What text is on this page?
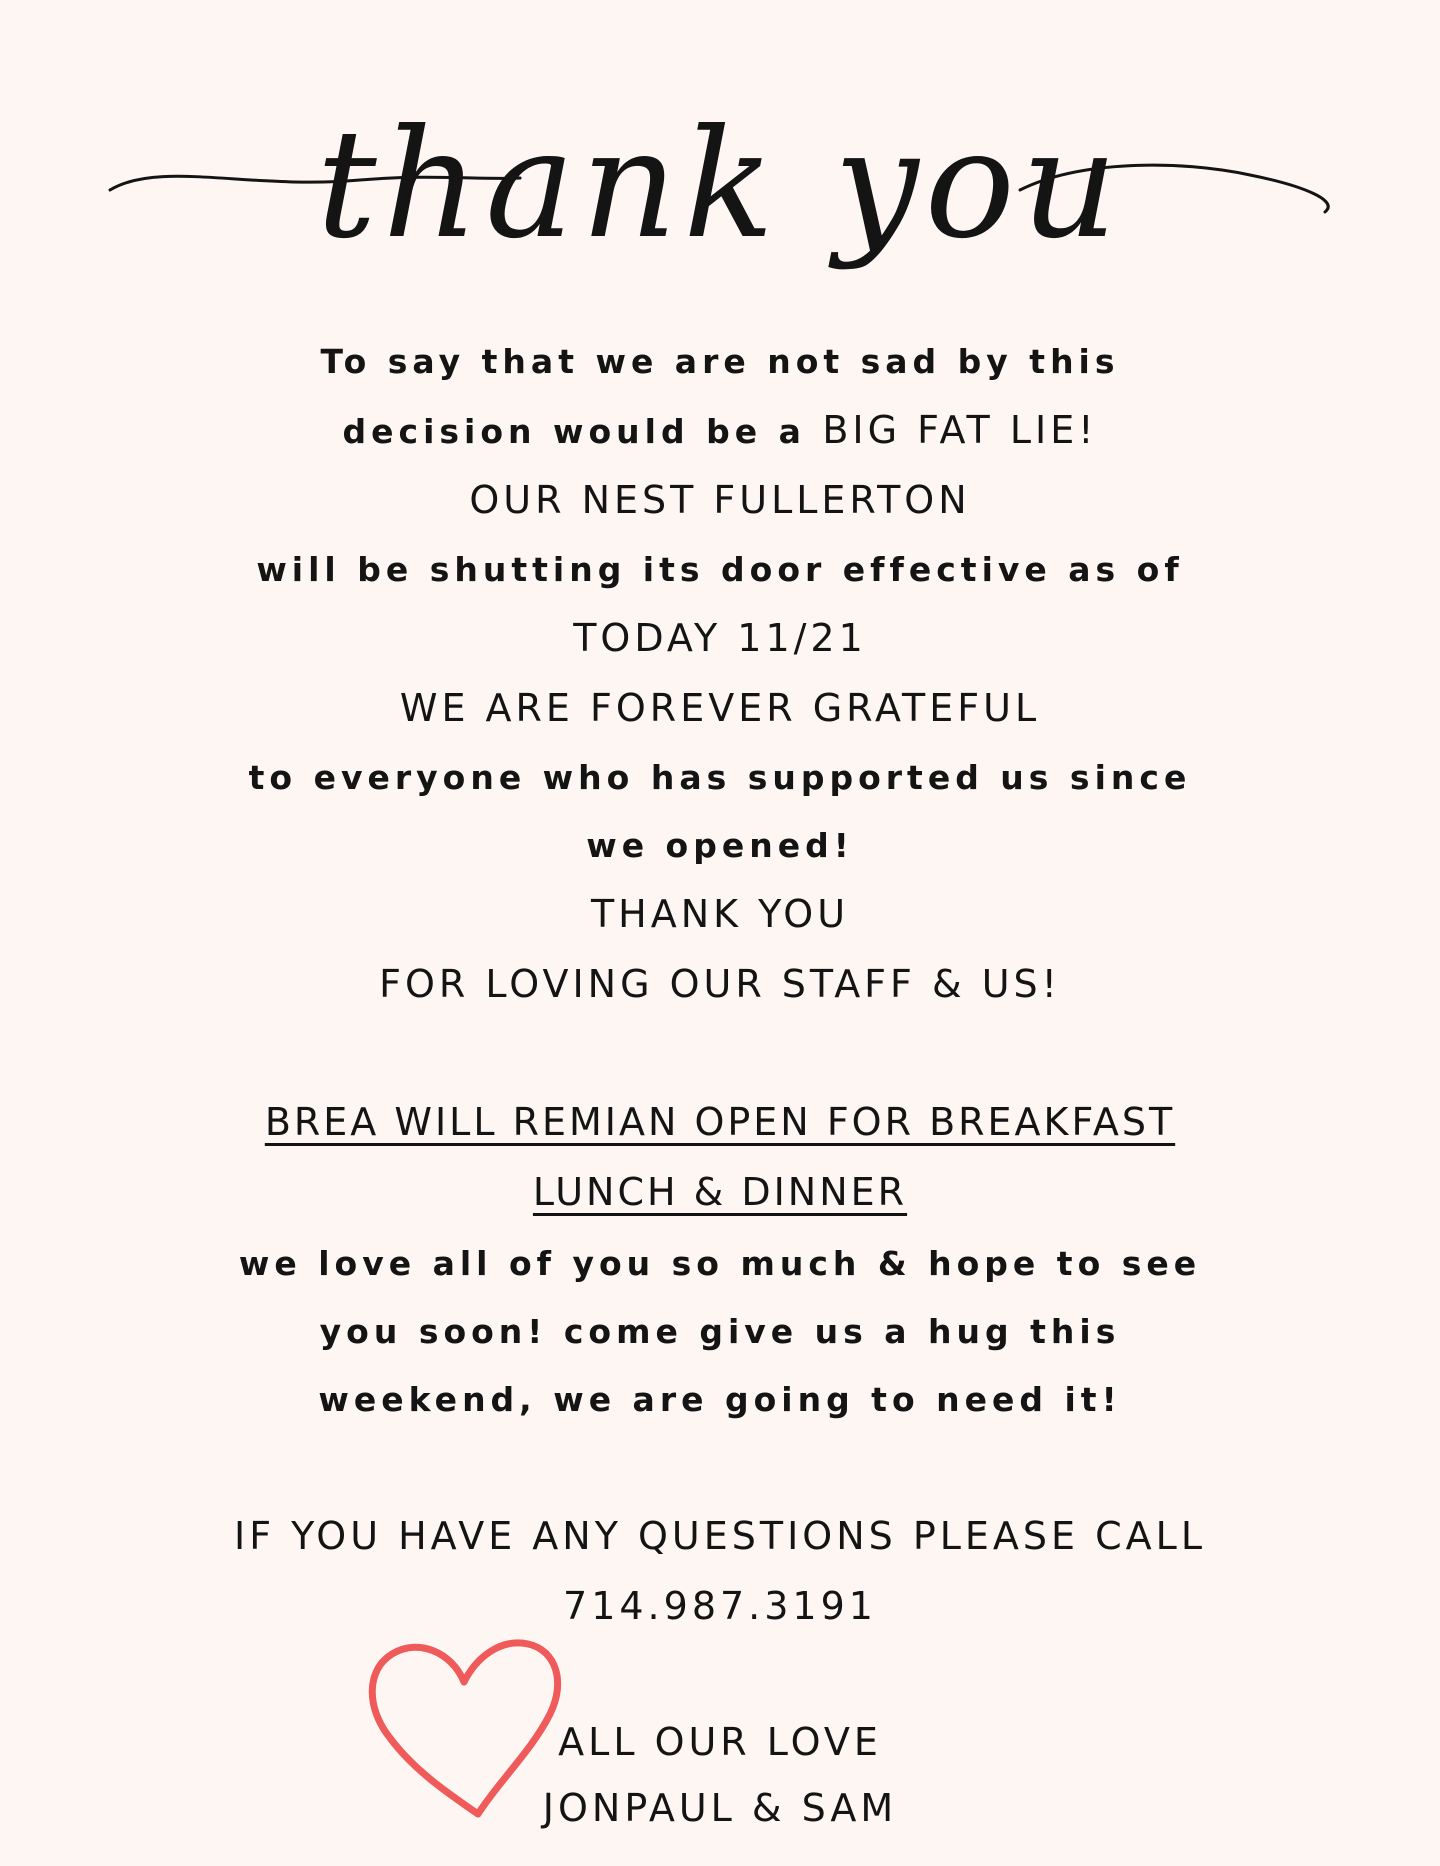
thank you
To say that we are not sad by this
decision would be a BIG FAT LIE!
OUR NEST FULLERTON
will be shutting its door effective as of
TODAY 11/21
WE ARE FOREVER GRATEFUL
to everyone who has supported us since
we opened!
THANK YOU
FOR LOVING OUR STAFF & US!
BREA WILL REMIAN OPEN FOR BREAKFAST
LUNCH & DINNER
we love all of you so much & hope to see
you soon! come give us a hug this
weekend, we are going to need it!
IF YOU HAVE ANY QUESTIONS PLEASE CALL
714.987.3191
ALL OUR LOVE
JONPAUL & SAM
